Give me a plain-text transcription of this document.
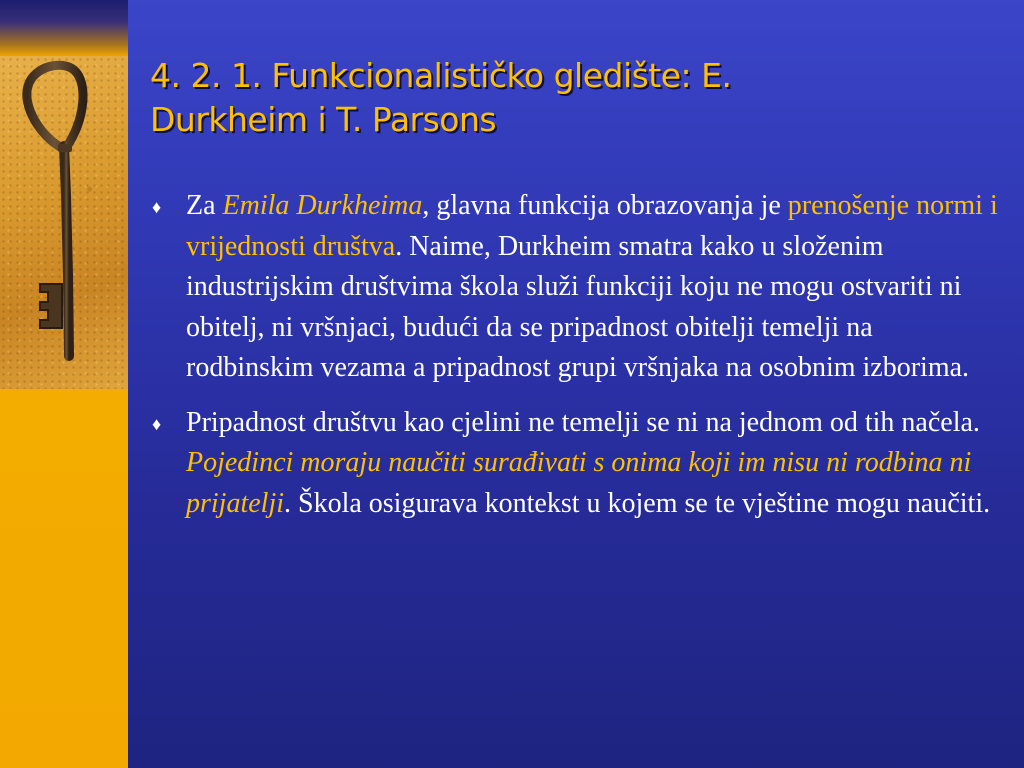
4. 2. 1. Funkcionalističko gledište: E.
Durkheim i T. Parsons
♦ Za Emila Durkheima, glavna funkcija obrazovanja je prenošenje normi i vrijednosti društva. Naime, Durkheim smatra kako u složenim industrijskim društvima škola služi funkciji koju ne mogu ostvariti ni obitelj, ni vršnjaci, budući da se pripadnost obitelji temelji na rodbinskim vezama a pripadnost grupi vršnjaka na osobnim izborima.
♦ Pripadnost društvu kao cjelini ne temelji se ni na jednom od tih načela. Pojedinci moraju naučiti surađivati s onima koji im nisu ni rodbina ni prijatelji. Škola osigurava kontekst u kojem se te vještine mogu naučiti.
